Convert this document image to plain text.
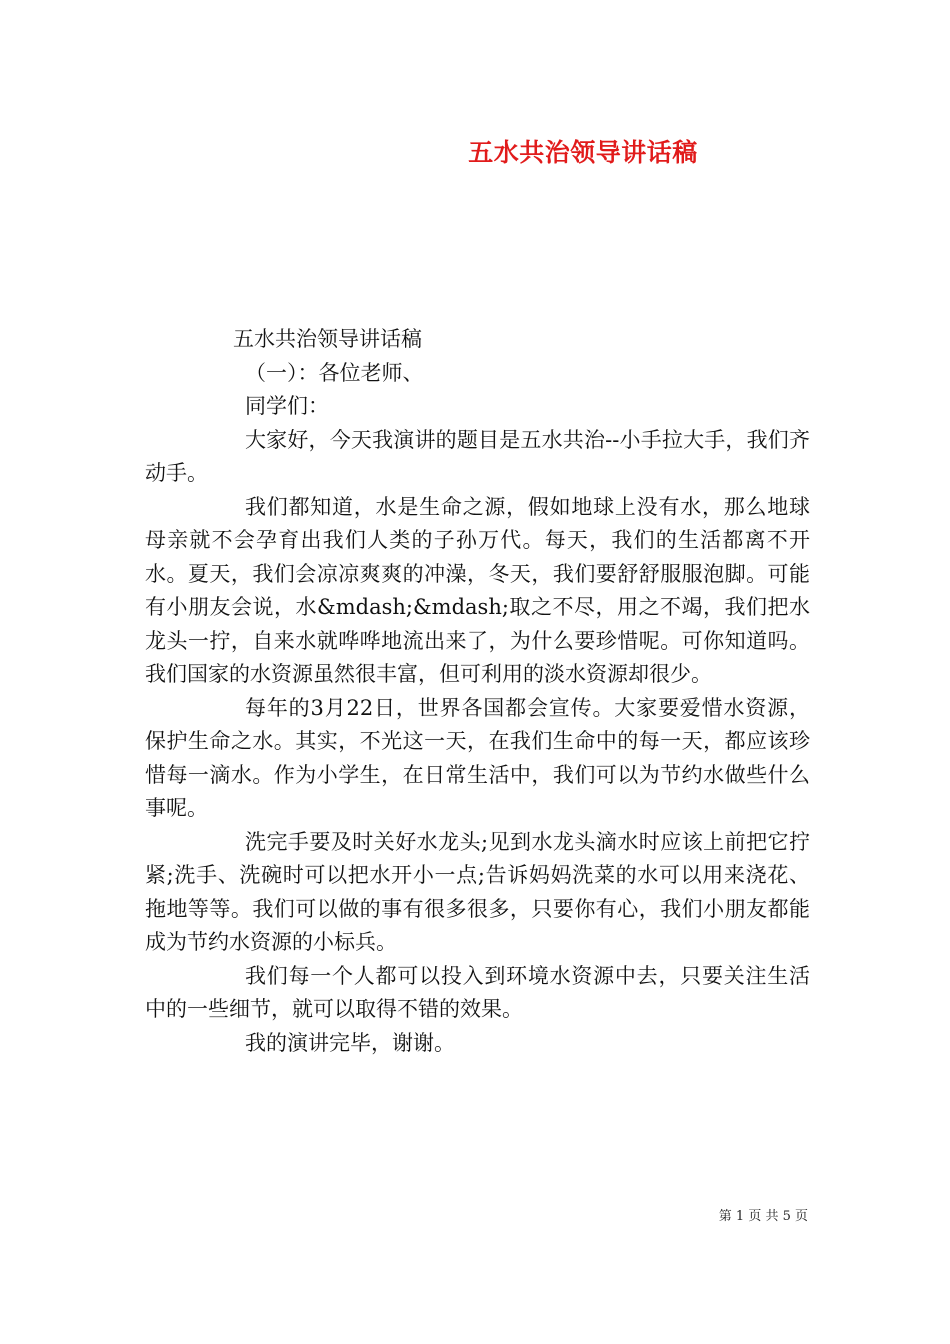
五水共治领导讲话稿

五水共治领导讲话稿

（一）：各位老师、

同学们：

大家好，今天我演讲的题目是五水共治--小手拉大手，我们齐动手。

我们都知道，水是生命之源，假如地球上没有水，那么地球母亲就不会孕育出我们人类的子孙万代。每天，我们的生活都离不开水。夏天，我们会凉凉爽爽的冲澡，冬天，我们要舒舒服服泡脚。可能有小朋友会说，水&mdash;&mdash;取之不尽，用之不竭，我们把水龙头一拧，自来水就哗哗地流出来了，为什么要珍惜呢。可你知道吗。我们国家的水资源虽然很丰富，但可利用的淡水资源却很少。

每年的3月22日，世界各国都会宣传。大家要爱惜水资源，保护生命之水。其实，不光这一天，在我们生命中的每一天，都应该珍惜每一滴水。作为小学生，在日常生活中，我们可以为节约水做些什么事呢。

洗完手要及时关好水龙头;见到水龙头滴水时应该上前把它拧紧;洗手、洗碗时可以把水开小一点;告诉妈妈洗菜的水可以用来浇花、拖地等等。我们可以做的事有很多很多，只要你有心，我们小朋友都能成为节约水资源的小标兵。

我们每一个人都可以投入到环境水资源中去，只要关注生活中的一些细节，就可以取得不错的效果。

我的演讲完毕，谢谢。

第 1 页 共 5 页
